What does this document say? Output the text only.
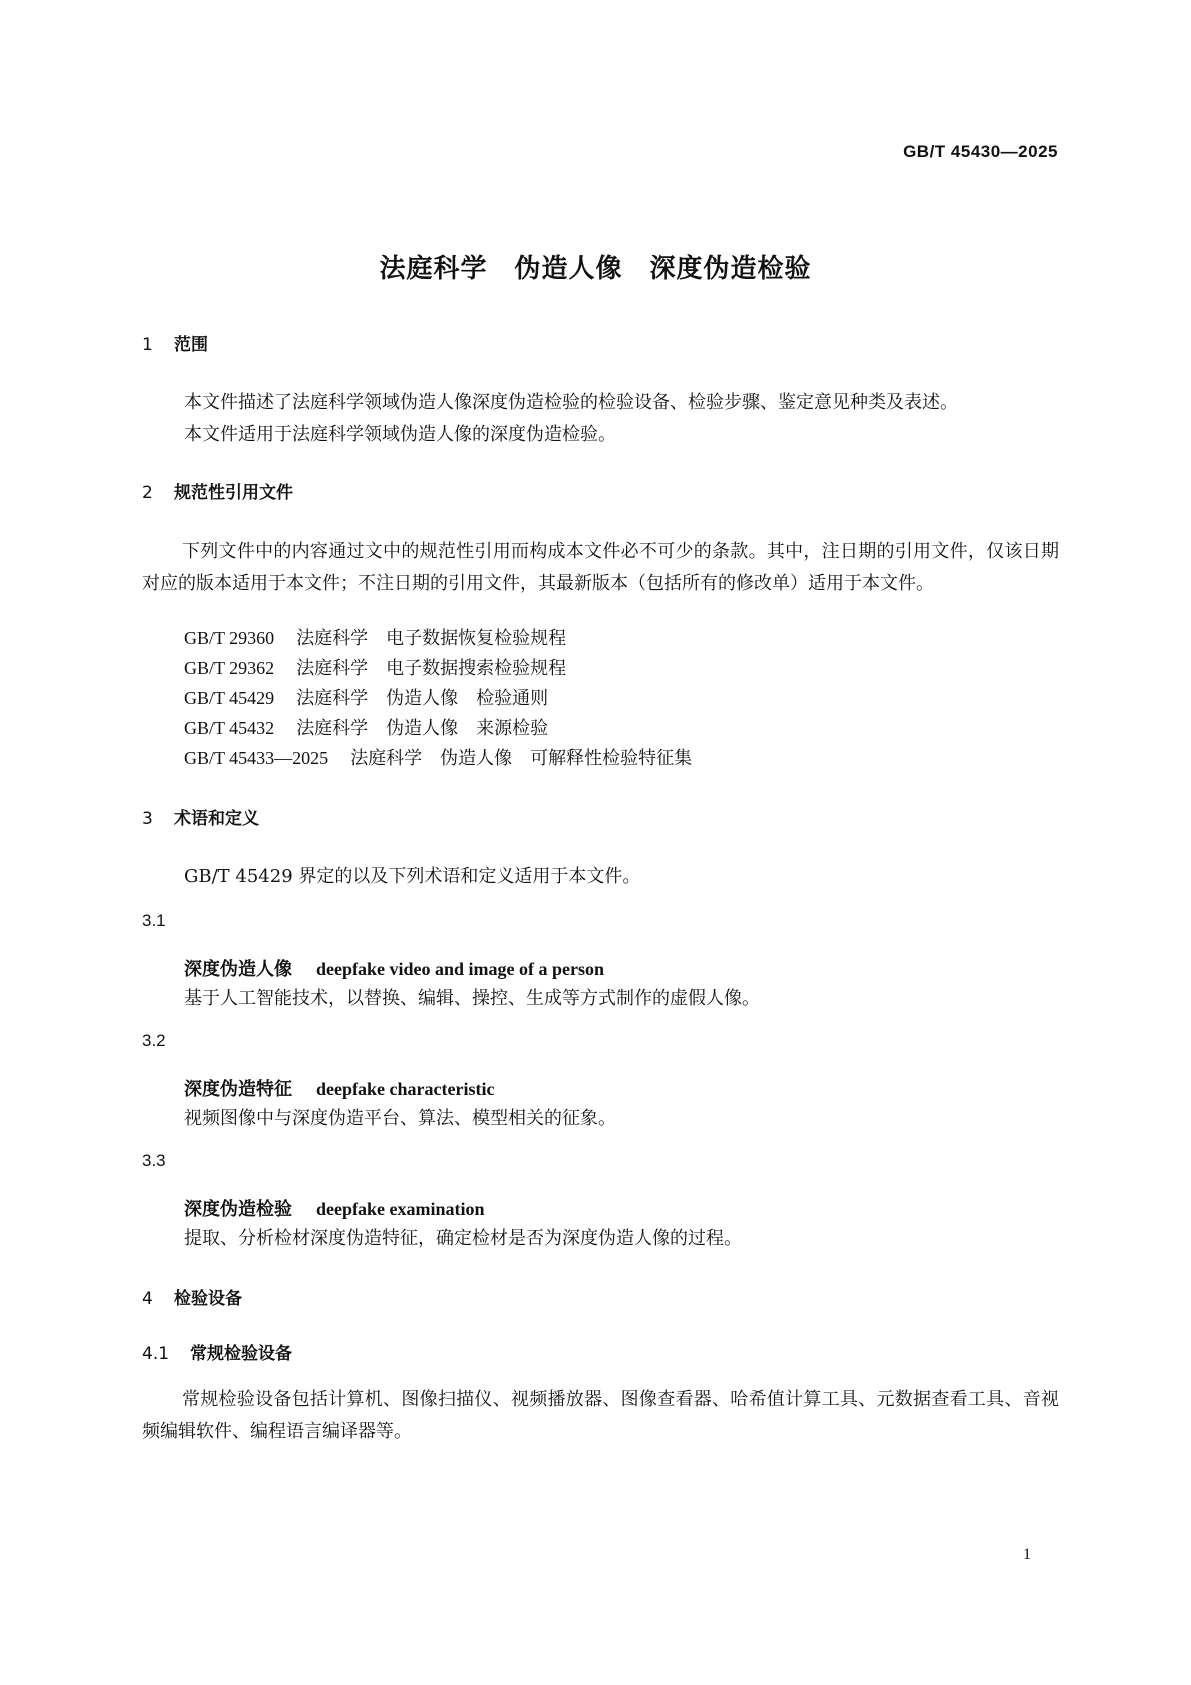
GB/T 45430—2025
法庭科学　伪造人像　深度伪造检验
1 范围
本文件描述了法庭科学领域伪造人像深度伪造检验的检验设备、检验步骤、鉴定意见种类及表述。
本文件适用于法庭科学领域伪造人像的深度伪造检验。
2 规范性引用文件
下列文件中的内容通过文中的规范性引用而构成本文件必不可少的条款。其中，注日期的引用文件，仅该日期对应的版本适用于本文件；不注日期的引用文件，其最新版本（包括所有的修改单）适用于本文件。
GB/T 29360 法庭科学　电子数据恢复检验规程
GB/T 29362 法庭科学　电子数据搜索检验规程
GB/T 45429 法庭科学　伪造人像　检验通则
GB/T 45432 法庭科学　伪造人像　来源检验
GB/T 45433—2025 法庭科学　伪造人像　可解释性检验特征集
3 术语和定义
GB/T 45429 界定的以及下列术语和定义适用于本文件。
3.1
深度伪造人像 deepfake video and image of a person
基于人工智能技术，以替换、编辑、操控、生成等方式制作的虚假人像。
3.2
深度伪造特征 deepfake characteristic
视频图像中与深度伪造平台、算法、模型相关的征象。
3.3
深度伪造检验 deepfake examination
提取、分析检材深度伪造特征，确定检材是否为深度伪造人像的过程。
4 检验设备
4.1 常规检验设备
常规检验设备包括计算机、图像扫描仪、视频播放器、图像查看器、哈希值计算工具、元数据查看工具、音视频编辑软件、编程语言编译器等。
1
